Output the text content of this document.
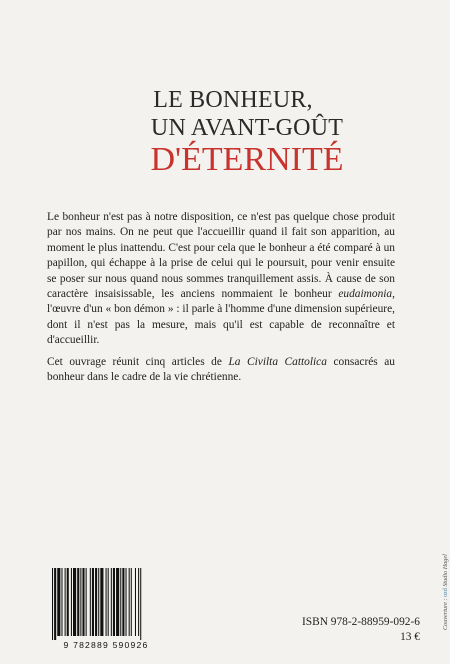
LE BONHEUR,
UN AVANT-GOÛT
D'ÉTERNITÉ

Le bonheur n'est pas à notre disposition, ce n'est pas quelque chose produit par nos mains. On ne peut que l'accueillir quand il fait son apparition, au moment le plus inattendu. C'est pour cela que le bonheur a été comparé à un papillon, qui échappe à la prise de celui qui le poursuit, pour venir ensuite se poser sur nous quand nous sommes tranquillement assis. À cause de son caractère insaisissable, les anciens nommaient le bonheur eudaimonia, l'œuvre d'un « bon démon » : il parle à l'homme d'une dimension supérieure, dont il n'est pas la mesure, mais qu'il est capable de reconnaître et d'accueillir.

Cet ouvrage réunit cinq articles de La Civilta Cattolica consacrés au bonheur dans le cadre de la vie chrétienne.

9 782889 590926
ISBN 978-2-88959-092-6
13 €
Couverture : ozd Studio Hagel
